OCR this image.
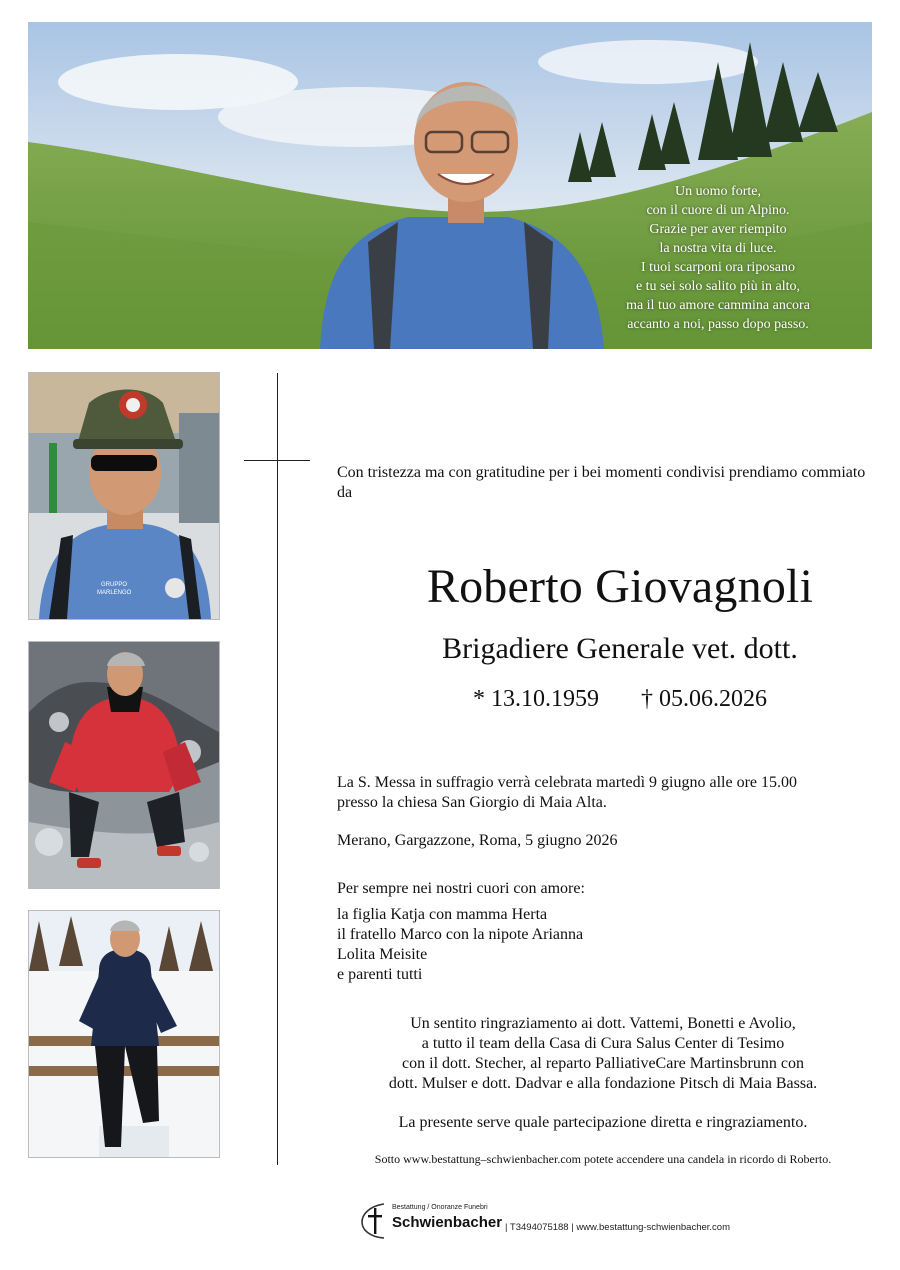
Un uomo forte,
con il cuore di un Alpino.
Grazie per aver riempito
la nostra vita di luce.
I tuoi scarponi ora riposano
e tu sei solo salito più in alto,
ma il tuo amore cammina ancora
accanto a noi, passo dopo passo.
GRUPPO
MARLENGO
Con tristezza ma con gratitudine per i bei momenti condivisi prendiamo commiato da
Roberto Giovagnoli
Brigadiere Generale vet. dott.
* 13.10.1959 † 05.06.2026
La S. Messa in suffragio verrà celebrata martedì 9 giugno alle ore 15.00
presso la chiesa San Giorgio di Maia Alta.
Merano, Gargazzone, Roma, 5 giugno 2026
Per sempre nei nostri cuori con amore:
la figlia Katja con mamma Herta
il fratello Marco con la nipote Arianna
Lolita Meisite
e parenti tutti
Un sentito ringraziamento ai dott. Vattemi, Bonetti e Avolio,
a tutto il team della Casa di Cura Salus Center di Tesimo
con il dott. Stecher, al reparto PalliativeCare Martinsbrunn con
dott. Mulser e dott. Dadvar e alla fondazione Pitsch di Maia Bassa.
La presente serve quale partecipazione diretta e ringraziamento.
Sotto www.bestattung–schwienbacher.com potete accendere una candela in ricordo di Roberto.
Bestattung / Onoranze Funebri
Schwienbacher | T3494075188 | www.bestattung-schwienbacher.com
